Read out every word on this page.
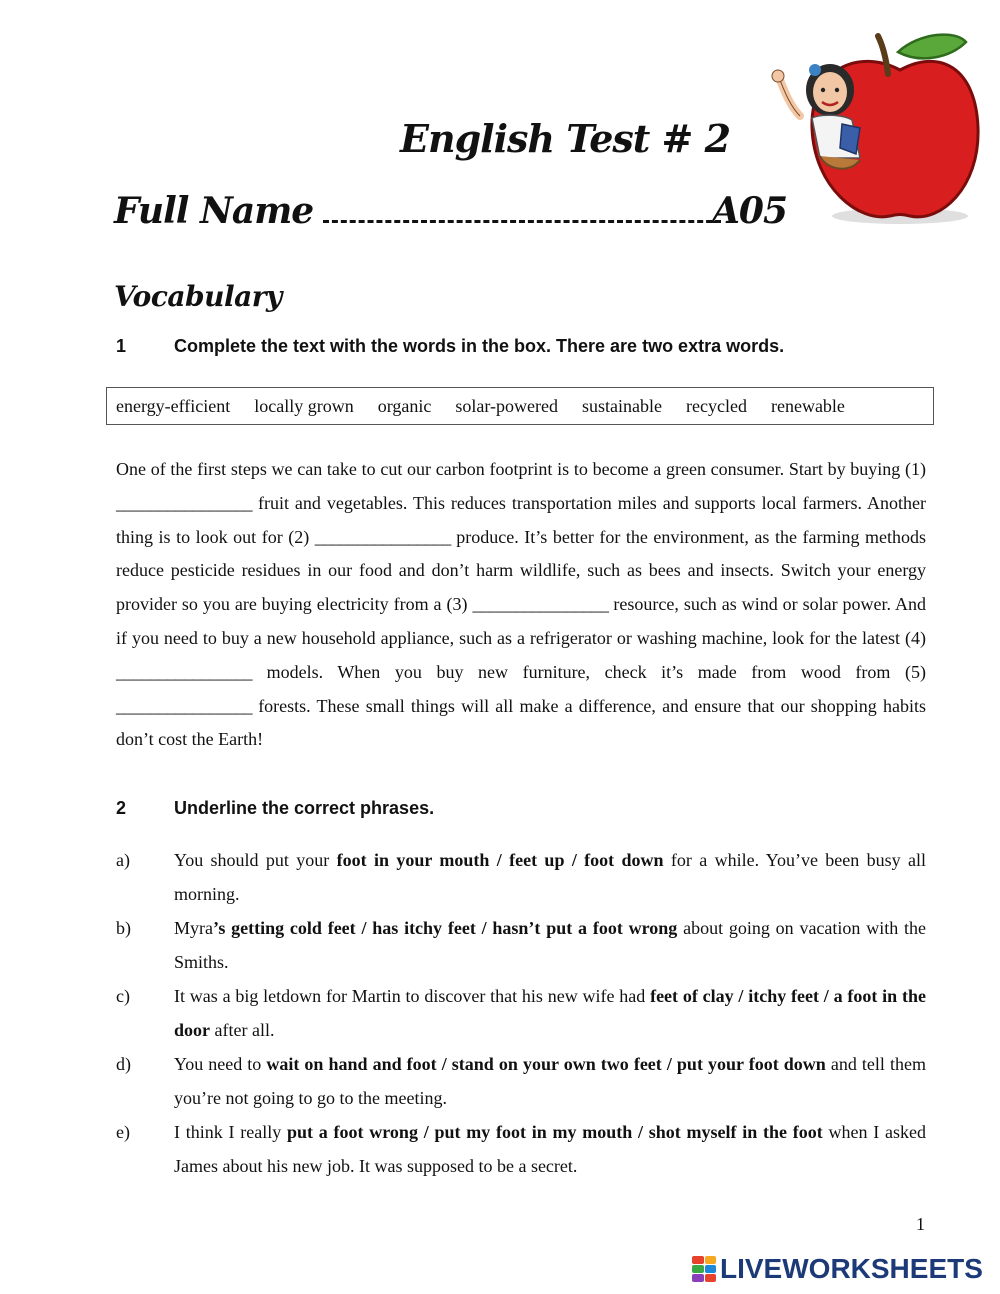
English Test # 2
Full Name	A05
Vocabulary
1	Complete the text with the words in the box. There are two extra words.
energy-efficient locally grown organic solar-powered sustainable recycled renewable
One of the first steps we can take to cut our carbon footprint is to become a green consumer. Start by buying (1) ________________ fruit and vegetables. This reduces transportation miles and supports local farmers. Another thing is to look out for (2) ________________ produce. It’s better for the environment, as the farming methods reduce pesticide residues in our food and don’t harm wildlife, such as bees and insects. Switch your energy provider so you are buying electricity from a (3) ________________ resource, such as wind or solar power. And if you need to buy a new household appliance, such as a refrigerator or washing machine, look for the latest (4) ________________ models. When you buy new furniture, check it’s made from wood from (5) ________________ forests. These small things will all make a difference, and ensure that our shopping habits don’t cost the Earth!
2	Underline the correct phrases.
a)	You should put your foot in your mouth / feet up / foot down for a while. You’ve been busy all morning.
b)	Myra’s getting cold feet / has itchy feet / hasn’t put a foot wrong about going on vacation with the Smiths.
c)	It was a big letdown for Martin to discover that his new wife had feet of clay / itchy feet / a foot in the door after all.
d)	You need to wait on hand and foot / stand on your own two feet / put your foot down and tell them you’re not going to go to the meeting.
e)	I think I really put a foot wrong / put my foot in my mouth / shot myself in the foot when I asked James about his new job. It was supposed to be a secret.
1
LIVEWORKSHEETS
